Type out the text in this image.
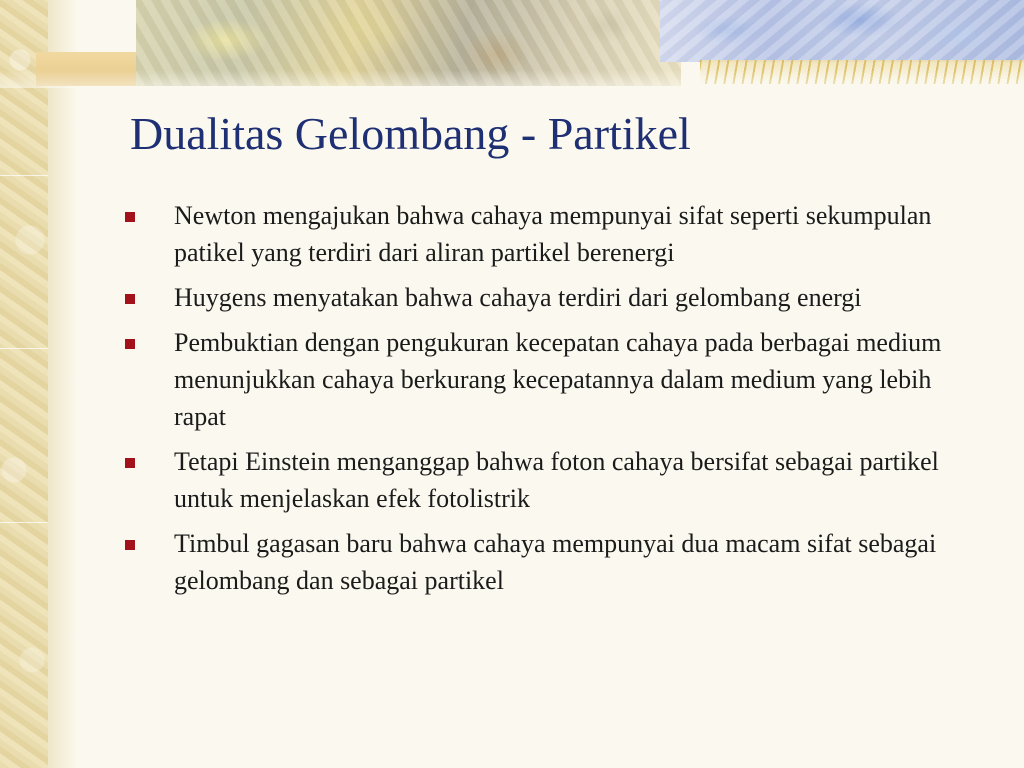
Dualitas Gelombang - Partikel
Newton mengajukan bahwa cahaya mempunyai sifat seperti sekumpulan patikel yang terdiri dari aliran partikel berenergi
Huygens menyatakan bahwa cahaya terdiri dari gelombang energi
Pembuktian dengan pengukuran kecepatan cahaya pada berbagai medium menunjukkan cahaya berkurang kecepatannya dalam medium yang lebih rapat
Tetapi Einstein menganggap bahwa foton cahaya bersifat sebagai partikel untuk menjelaskan efek fotolistrik
Timbul gagasan baru bahwa cahaya mempunyai dua macam sifat sebagai gelombang dan sebagai partikel
